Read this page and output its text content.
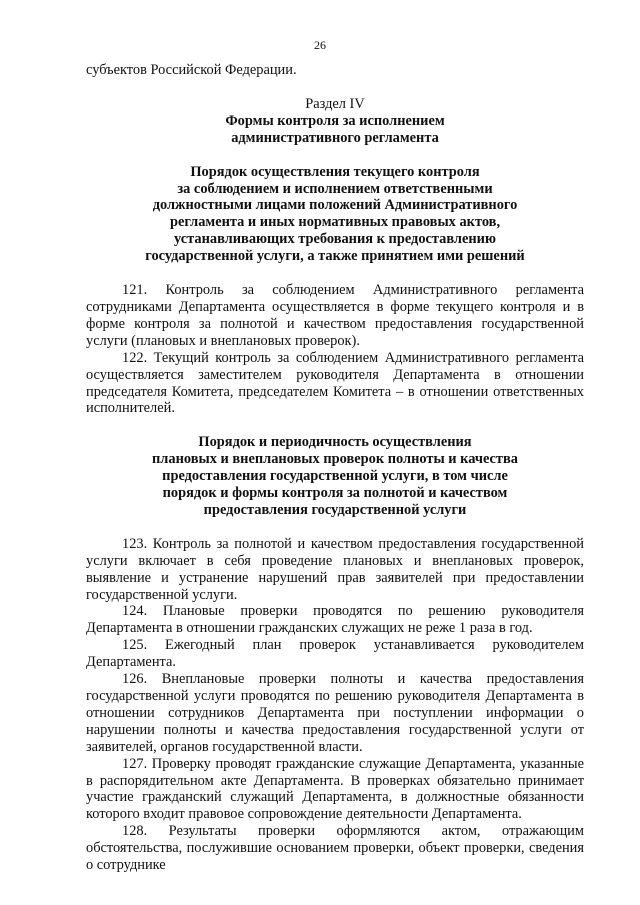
26

субъектов Российской Федерации.

Раздел IV

Формы контроля за исполнением

административного регламента

Порядок осуществления текущего контроля

за соблюдением и исполнением ответственными

должностными лицами положений Административного

регламента и иных нормативных правовых актов,

устанавливающих требования к предоставлению

государственной услуги, а также принятием ими решений

121. Контроль за соблюдением Административного регламента сотрудниками Департамента осуществляется в форме текущего контроля и в форме контроля за полнотой и качеством предоставления государственной услуги (плановых и внеплановых проверок).

122. Текущий контроль за соблюдением Административного регламента осуществляется заместителем руководителя Департамента в отношении председателя Комитета, председателем Комитета – в отношении ответственных исполнителей.

Порядок и периодичность осуществления

плановых и внеплановых проверок полноты и качества

предоставления государственной услуги, в том числе

порядок и формы контроля за полнотой и качеством

предоставления государственной услуги

123. Контроль за полнотой и качеством предоставления государственной услуги включает в себя проведение плановых и внеплановых проверок, выявление и устранение нарушений прав заявителей при предоставлении государственной услуги.

124. Плановые проверки проводятся по решению руководителя Департамента в отношении гражданских служащих не реже 1 раза в год.

125. Ежегодный план проверок устанавливается руководителем Департамента.

126. Внеплановые проверки полноты и качества предоставления государственной услуги проводятся по решению руководителя Департамента в отношении сотрудников Департамента при поступлении информации о нарушении полноты и качества предоставления государственной услуги от заявителей, органов государственной власти.

127. Проверку проводят гражданские служащие Департамента, указанные в распорядительном акте Департамента. В проверках обязательно принимает участие гражданский служащий Департамента, в должностные обязанности которого входит правовое сопровождение деятельности Департамента.

128. Результаты проверки оформляются актом, отражающим обстоятельства, послужившие основанием проверки, объект проверки, сведения о сотруднике
